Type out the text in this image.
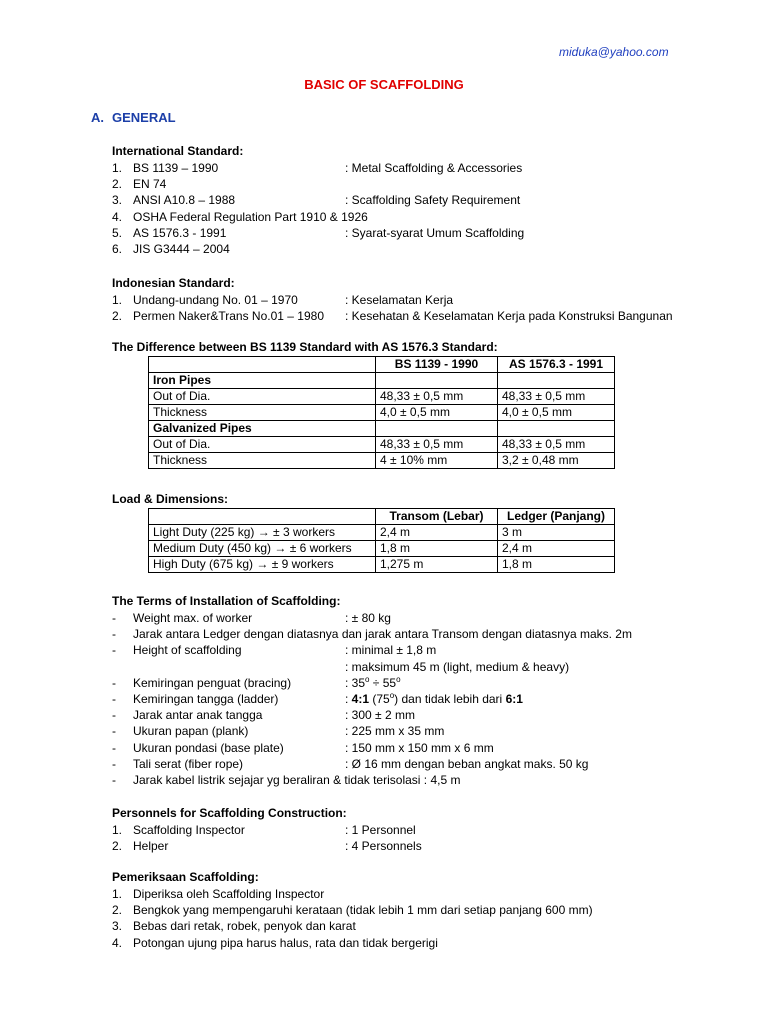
miduka@yahoo.com
BASIC OF SCAFFOLDING
A. GENERAL
International Standard:
1. BS 1139 – 1990	: Metal Scaffolding & Accessories
2. EN 74
3. ANSI A10.8 – 1988	: Scaffolding Safety Requirement
4. OSHA Federal Regulation Part 1910 & 1926
5. AS 1576.3 - 1991	: Syarat-syarat Umum Scaffolding
6. JIS G3444 – 2004
Indonesian Standard:
1. Undang-undang No. 01 – 1970	: Keselamatan Kerja
2. Permen Naker&Trans No.01 – 1980 : Kesehatan & Keselamatan Kerja pada Konstruksi Bangunan
The Difference between BS 1139 Standard with AS 1576.3 Standard:
	BS 1139 - 1990	AS 1576.3 - 1991
Iron Pipes		
Out of Dia.	48,33 ± 0,5 mm	48,33 ± 0,5 mm
Thickness	4,0 ± 0,5 mm	4,0 ± 0,5 mm
Galvanized Pipes		
Out of Dia.	48,33 ± 0,5 mm	48,33 ± 0,5 mm
Thickness	4 ± 10% mm	3,2 ± 0,48 mm
Load & Dimensions:
	Transom (Lebar)	Ledger (Panjang)
Light Duty (225 kg) → ± 3 workers	2,4 m	3 m
Medium Duty (450 kg) → ± 6 workers	1,8 m	2,4 m
High Duty (675 kg) → ± 9 workers	1,275 m	1,8 m
The Terms of Installation of Scaffolding:
- Weight max. of worker	: ± 80 kg
- Jarak antara Ledger dengan diatasnya dan jarak antara Transom dengan diatasnya maks. 2m
- Height of scaffolding	: minimal ± 1,8 m
: maksimum 45 m (light, medium & heavy)
- Kemiringan penguat (bracing)	: $35^o \div 55^o$
- Kemiringan tangga (ladder)	: 4:1 (75$^o$) dan tidak lebih dari 6:1
- Jarak antar anak tangga	: 300 ± 2 mm
- Ukuran papan (plank)	: 225 mm x 35 mm
- Ukuran pondasi (base plate)	: 150 mm x 150 mm x 6 mm
- Tali serat (fiber rope)	: Ø 16 mm dengan beban angkat maks. 50 kg
- Jarak kabel listrik sejajar yg beraliran & tidak terisolasi : 4,5 m
Personnels for Scaffolding Construction:
1. Scaffolding Inspector	: 1 Personnel
2. Helper	: 4 Personnels
Pemeriksaan Scaffolding:
1. Diperiksa oleh Scaffolding Inspector
2. Bengkok yang mempengaruhi kerataan (tidak lebih 1 mm dari setiap panjang 600 mm)
3. Bebas dari retak, robek, penyok dan karat
4. Potongan ujung pipa harus halus, rata dan tidak bergerigi
